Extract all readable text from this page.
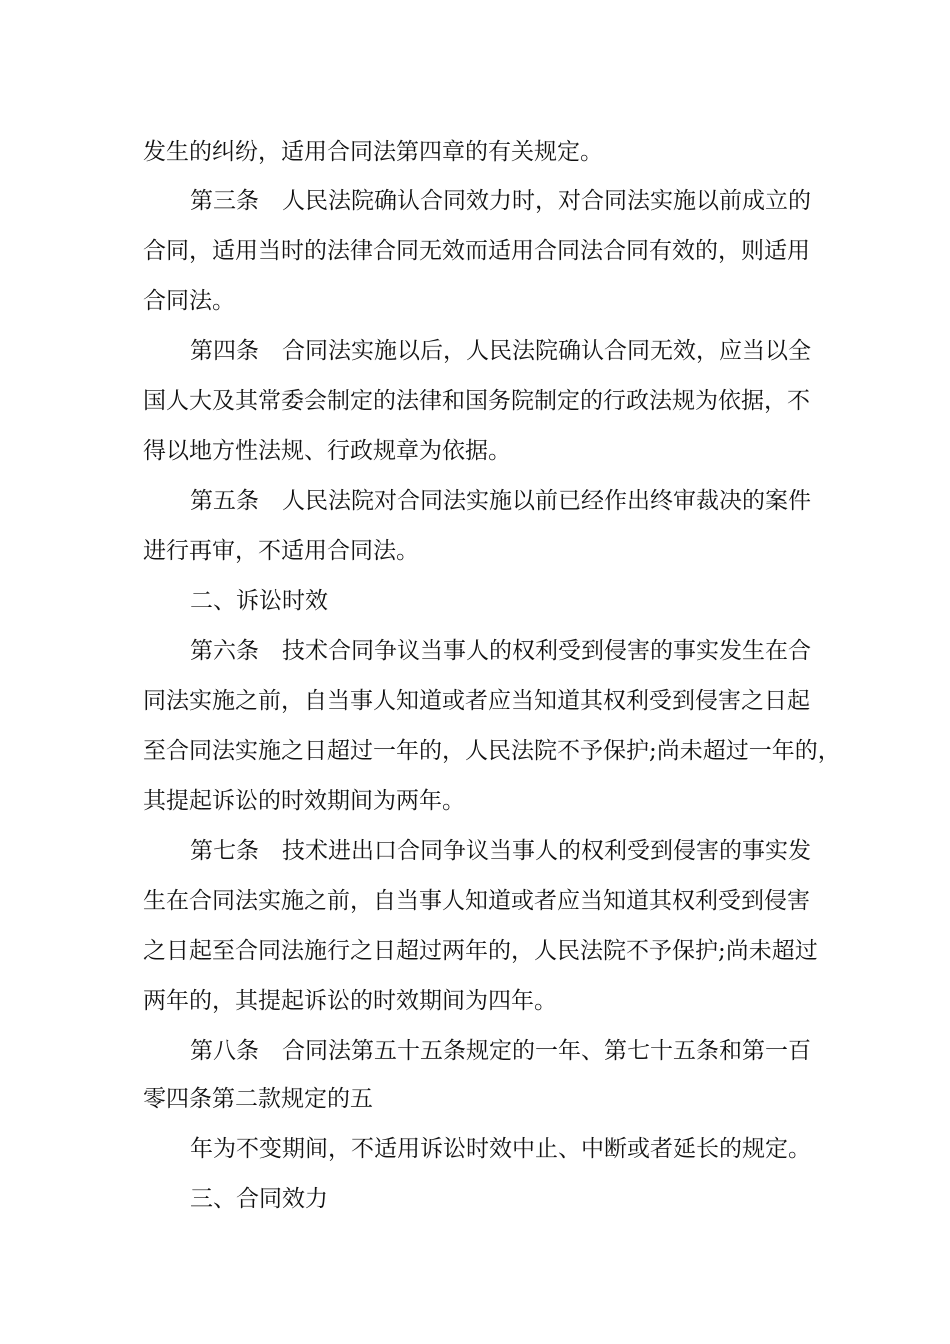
发生的纠纷，适用合同法第四章的有关规定。
第三条　人民法院确认合同效力时，对合同法实施以前成立的
合同，适用当时的法律合同无效而适用合同法合同有效的，则适用
合同法。
第四条　合同法实施以后，人民法院确认合同无效，应当以全
国人大及其常委会制定的法律和国务院制定的行政法规为依据，不
得以地方性法规、行政规章为依据。
第五条　人民法院对合同法实施以前已经作出终审裁决的案件
进行再审，不适用合同法。
二、诉讼时效
第六条　技术合同争议当事人的权利受到侵害的事实发生在合
同法实施之前，自当事人知道或者应当知道其权利受到侵害之日起
至合同法实施之日超过一年的，人民法院不予保护;尚未超过一年的，
其提起诉讼的时效期间为两年。
第七条　技术进出口合同争议当事人的权利受到侵害的事实发
生在合同法实施之前，自当事人知道或者应当知道其权利受到侵害
之日起至合同法施行之日超过两年的，人民法院不予保护;尚未超过
两年的，其提起诉讼的时效期间为四年。
第八条　合同法第五十五条规定的一年、第七十五条和第一百
零四条第二款规定的五
年为不变期间，不适用诉讼时效中止、中断或者延长的规定。
三、合同效力
